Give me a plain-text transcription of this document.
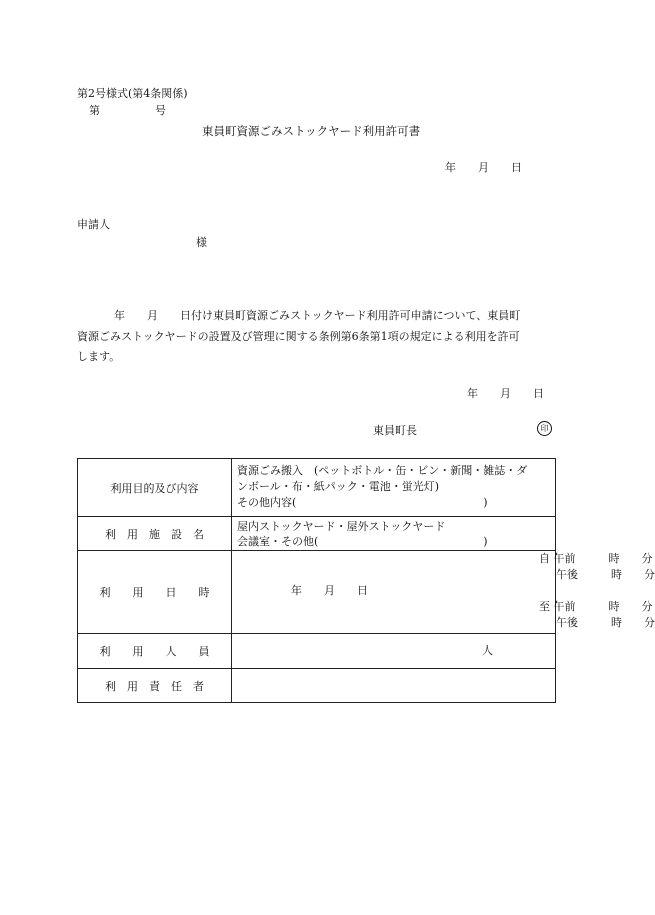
第2号様式(第4条関係)
第　　　　　号
東員町資源ごみストックヤード利用許可書
年　　月　　日
申請人
様
年　　月　　日付け東員町資源ごみストックヤード利用許可申請について、東員町
資源ごみストックヤードの設置及び管理に関する条例第6条第1項の規定による利用を許可
します。
年　　月　　日
東員町長	印
利用目的及び内容	資源ごみ搬入　(ペットボトル・缶・ビン・新聞・雑誌・ダ
ンボール・布・紙パック・電池・蛍光灯)
その他内容(　　　　　　　　　　　　　　　　　)

利　用　施　設　名	屋内ストックヤード・屋外ストックヤード
会議室・その他(　　　　　　　　　　　　　　　)

利　　用　　日　　時	自 午前　　　時　　分
午後　　　時　　分
年　　月　　日
至 午前　　　時　　分
午後　　　時　　分

利　　用　　人　　員	人

利　用　責　任　者	
